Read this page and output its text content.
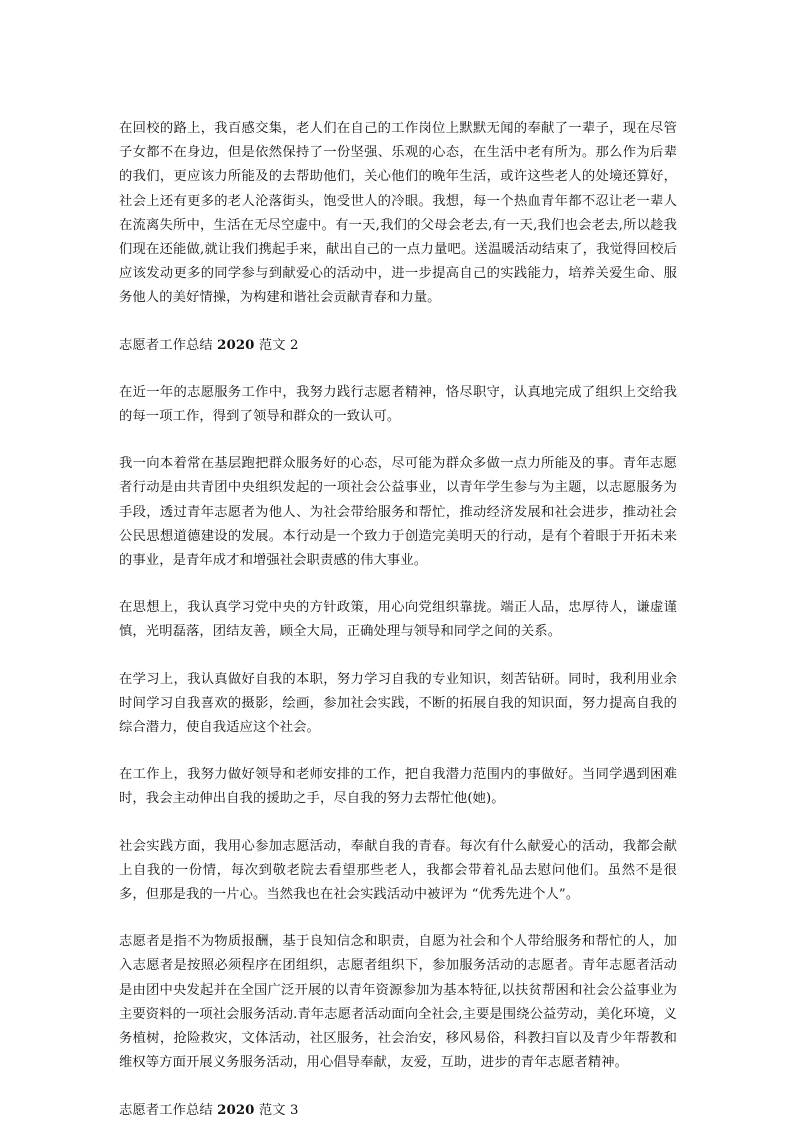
在回校的路上，我百感交集，老人们在自己的工作岗位上默默无闻的奉献了一辈子，现在尽管子女都不在身边，但是依然保持了一份坚强、乐观的心态，在生活中老有所为。那么作为后辈的我们，更应该力所能及的去帮助他们，关心他们的晚年生活，或许这些老人的处境还算好，社会上还有更多的老人沦落街头，饱受世人的冷眼。我想，每一个热血青年都不忍让老一辈人在流离失所中，生活在无尽空虚中。有一天,我们的父母会老去,有一天,我们也会老去,所以趁我们现在还能做,就让我们携起手来，献出自己的一点力量吧。送温暖活动结束了，我觉得回校后应该发动更多的同学参与到献爱心的活动中，进一步提高自己的实践能力，培养关爱生命、服务他人的美好情操，为构建和谐社会贡献青春和力量。

志愿者工作总结 2020 范文 2

在近一年的志愿服务工作中，我努力践行志愿者精神，恪尽职守，认真地完成了组织上交给我的每一项工作，得到了领导和群众的一致认可。

我一向本着常在基层跑把群众服务好的心态，尽可能为群众多做一点力所能及的事。青年志愿者行动是由共青团中央组织发起的一项社会公益事业，以青年学生参与为主题，以志愿服务为手段，透过青年志愿者为他人、为社会带给服务和帮忙，推动经济发展和社会进步，推动社会公民思想道德建设的发展。本行动是一个致力于创造完美明天的行动，是有个着眼于开拓未来的事业，是青年成才和增强社会职责感的伟大事业。

在思想上，我认真学习党中央的方针政策，用心向党组织靠拢。端正人品，忠厚待人，谦虚谨慎，光明磊落，团结友善，顾全大局，正确处理与领导和同学之间的关系。

在学习上，我认真做好自我的本职，努力学习自我的专业知识，刻苦钻研。同时，我利用业余时间学习自我喜欢的摄影，绘画，参加社会实践，不断的拓展自我的知识面，努力提高自我的综合潜力，使自我适应这个社会。

在工作上，我努力做好领导和老师安排的工作，把自我潜力范围内的事做好。当同学遇到困难时，我会主动伸出自我的援助之手，尽自我的努力去帮忙他(她)。

社会实践方面，我用心参加志愿活动，奉献自我的青春。每次有什么献爱心的活动，我都会献上自我的一份情，每次到敬老院去看望那些老人，我都会带着礼品去慰问他们。虽然不是很多，但那是我的一片心。当然我也在社会实践活动中被评为 “优秀先进个人”。

志愿者是指不为物质报酬，基于良知信念和职责，自愿为社会和个人带给服务和帮忙的人，加入志愿者是按照必须程序在团组织，志愿者组织下，参加服务活动的志愿者。青年志愿者活动是由团中央发起并在全国广泛开展的以青年资源参加为基本特征,以扶贫帮困和社会公益事业为主要资料的一项社会服务活动.青年志愿者活动面向全社会,主要是围绕公益劳动，美化环境，义务植树，抢险救灾，文体活动，社区服务，社会治安，移风易俗，科教扫盲以及青少年帮教和维权等方面开展义务服务活动，用心倡导奉献，友爱，互助，进步的青年志愿者精神。

志愿者工作总结 2020 范文 3
